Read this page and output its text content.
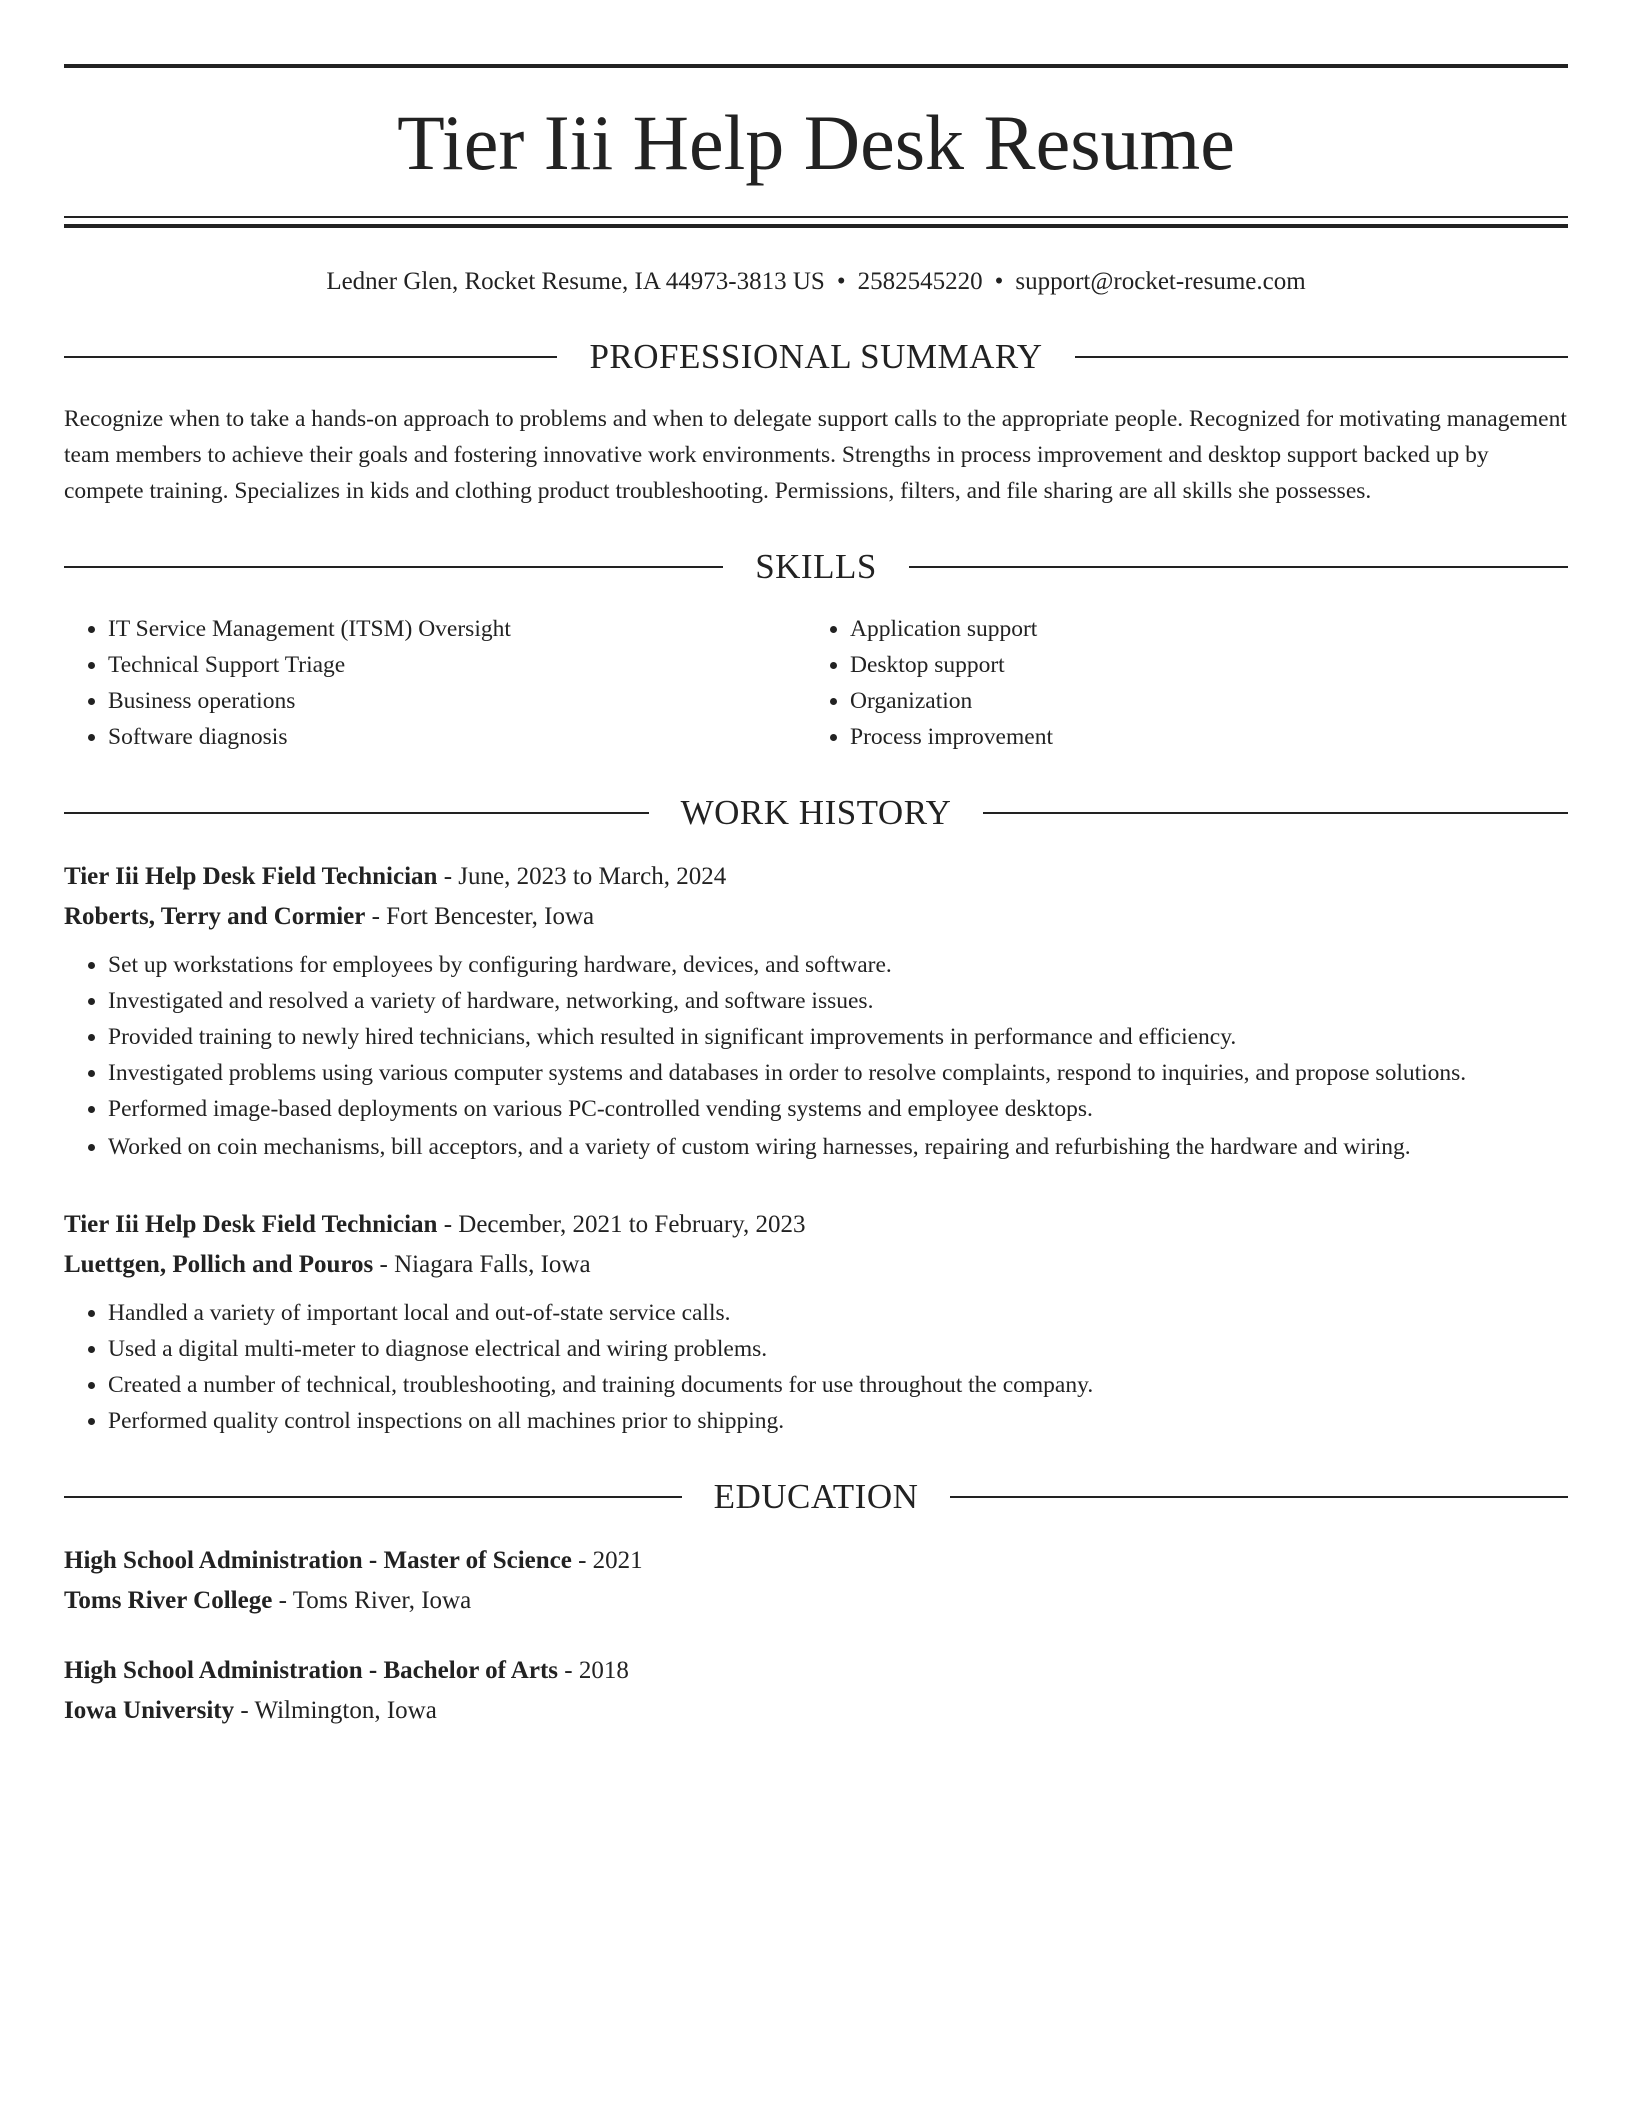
Tier Iii Help Desk Resume
Ledner Glen, Rocket Resume, IA 44973-3813 US • 2582545220 • support@rocket-resume.com
PROFESSIONAL SUMMARY
Recognize when to take a hands-on approach to problems and when to delegate support calls to the appropriate people. Recognized for motivating management team members to achieve their goals and fostering innovative work environments. Strengths in process improvement and desktop support backed up by compete training. Specializes in kids and clothing product troubleshooting. Permissions, filters, and file sharing are all skills she possesses.
SKILLS
• IT Service Management (ITSM) Oversight
• Technical Support Triage
• Business operations
• Software diagnosis
• Application support
• Desktop support
• Organization
• Process improvement
WORK HISTORY
Tier Iii Help Desk Field Technician - June, 2023 to March, 2024
Roberts, Terry and Cormier - Fort Bencester, Iowa
• Set up workstations for employees by configuring hardware, devices, and software.
• Investigated and resolved a variety of hardware, networking, and software issues.
• Provided training to newly hired technicians, which resulted in significant improvements in performance and efficiency.
• Investigated problems using various computer systems and databases in order to resolve complaints, respond to inquiries, and propose solutions.
• Performed image-based deployments on various PC-controlled vending systems and employee desktops.
• Worked on coin mechanisms, bill acceptors, and a variety of custom wiring harnesses, repairing and refurbishing the hardware and wiring.
Tier Iii Help Desk Field Technician - December, 2021 to February, 2023
Luettgen, Pollich and Pouros - Niagara Falls, Iowa
• Handled a variety of important local and out-of-state service calls.
• Used a digital multi-meter to diagnose electrical and wiring problems.
• Created a number of technical, troubleshooting, and training documents for use throughout the company.
• Performed quality control inspections on all machines prior to shipping.
EDUCATION
High School Administration - Master of Science - 2021
Toms River College - Toms River, Iowa
High School Administration - Bachelor of Arts - 2018
Iowa University - Wilmington, Iowa
